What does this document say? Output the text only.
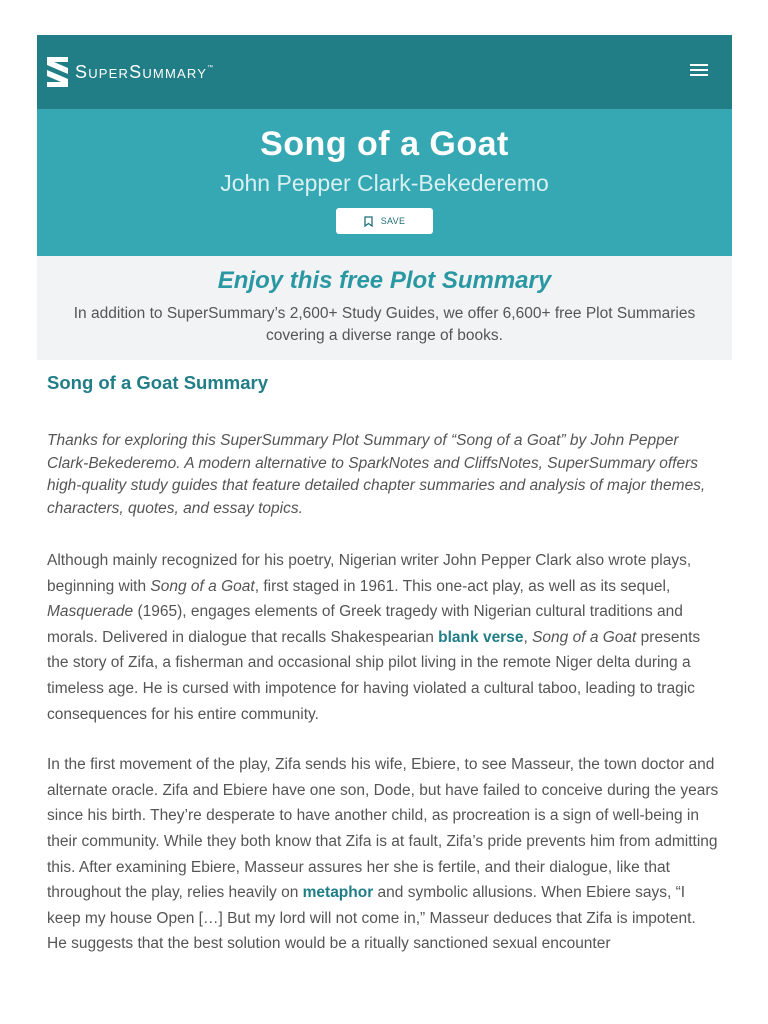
SuperSummary™
Song of a Goat
John Pepper Clark-Bekederemo
SAVE
Enjoy this free Plot Summary
In addition to SuperSummary’s 2,600+ Study Guides, we offer 6,600+ free Plot Summaries covering a diverse range of books.
Song of a Goat Summary

Thanks for exploring this SuperSummary Plot Summary of “Song of a Goat” by John Pepper Clark-Bekederemo. A modern alternative to SparkNotes and CliffsNotes, SuperSummary offers high-quality study guides that feature detailed chapter summaries and analysis of major themes, characters, quotes, and essay topics.

Although mainly recognized for his poetry, Nigerian writer John Pepper Clark also wrote plays, beginning with Song of a Goat, first staged in 1961. This one-act play, as well as its sequel, Masquerade (1965), engages elements of Greek tragedy with Nigerian cultural traditions and morals. Delivered in dialogue that recalls Shakespearian blank verse, Song of a Goat presents the story of Zifa, a fisherman and occasional ship pilot living in the remote Niger delta during a timeless age. He is cursed with impotence for having violated a cultural taboo, leading to tragic consequences for his entire community.

In the first movement of the play, Zifa sends his wife, Ebiere, to see Masseur, the town doctor and alternate oracle. Zifa and Ebiere have one son, Dode, but have failed to conceive during the years since his birth. They’re desperate to have another child, as procreation is a sign of well-being in their community. While they both know that Zifa is at fault, Zifa’s pride prevents him from admitting this. After examining Ebiere, Masseur assures her she is fertile, and their dialogue, like that throughout the play, relies heavily on metaphor and symbolic allusions. When Ebiere says, “I keep my house Open […] But my lord will not come in,” Masseur deduces that Zifa is impotent. He suggests that the best solution would be a ritually sanctioned sexual encounter
